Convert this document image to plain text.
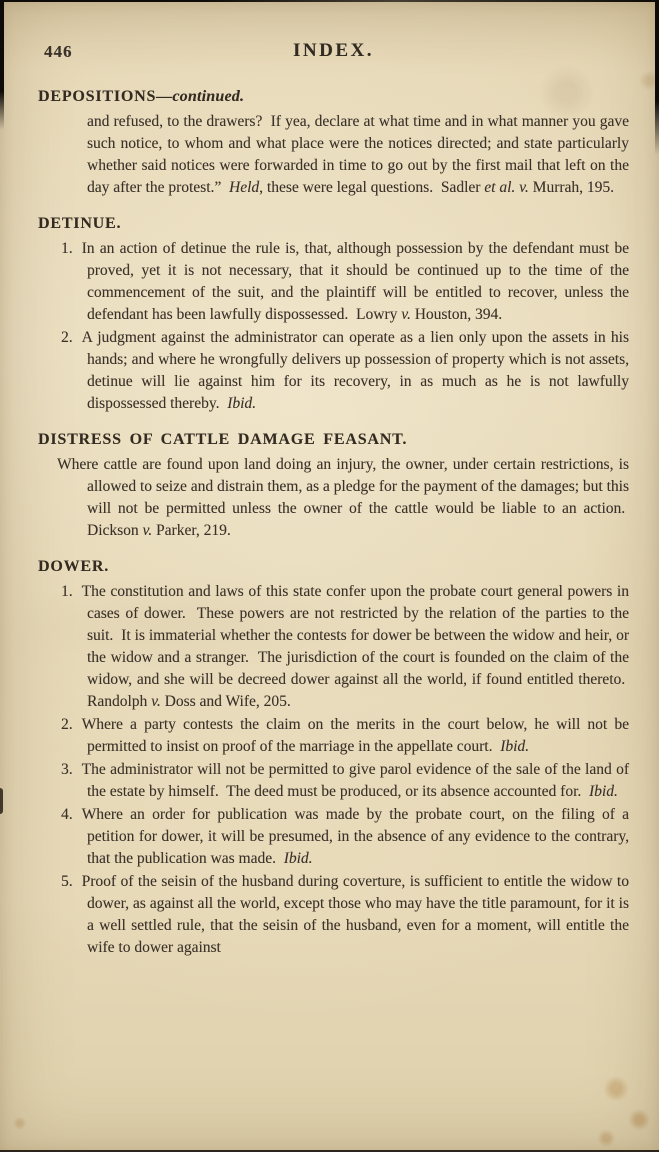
446	INDEX.
DEPOSITIONS—continued.
and refused, to the drawers?  If yea, declare at what time and in what manner you gave such notice, to whom and what place were the notices directed; and state particularly whether said notices were forwarded in time to go out by the first mail that left on the day after the protest.”  Held, these were legal questions.  Sadler et al. v. Murrah, 195.
DETINUE.
1. In an action of detinue the rule is, that, although possession by the defendant must be proved, yet it is not necessary, that it should be continued up to the time of the commencement of the suit, and the plaintiff will be entitled to recover, unless the defendant has been lawfully dispossessed.  Lowry v. Houston, 394.
2. A judgment against the administrator can operate as a lien only upon the assets in his hands; and where he wrongfully delivers up possession of property which is not assets, detinue will lie against him for its recovery, in as much as he is not lawfully dispossessed thereby.  Ibid.
DISTRESS OF CATTLE DAMAGE FEASANT.
Where cattle are found upon land doing an injury, the owner, under certain restrictions, is allowed to seize and distrain them, as a pledge for the payment of the damages; but this will not be permitted unless the owner of the cattle would be liable to an action.  Dickson v. Parker, 219.
DOWER.
1. The constitution and laws of this state confer upon the probate court general powers in cases of dower.  These powers are not restricted by the relation of the parties to the suit.  It is immaterial whether the contests for dower be between the widow and heir, or the widow and a stranger.  The jurisdiction of the court is founded on the claim of the widow, and she will be decreed dower against all the world, if found entitled thereto.  Randolph v. Doss and Wife, 205.
2. Where a party contests the claim on the merits in the court below, he will not be permitted to insist on proof of the marriage in the appellate court.  Ibid.
3. The administrator will not be permitted to give parol evidence of the sale of the land of the estate by himself.  The deed must be produced, or its absence accounted for.  Ibid.
4. Where an order for publication was made by the probate court, on the filing of a petition for dower, it will be presumed, in the absence of any evidence to the contrary, that the publication was made.  Ibid.
5. Proof of the seisin of the husband during coverture, is sufficient to entitle the widow to dower, as against all the world, except those who may have the title paramount, for it is a well settled rule, that the seisin of the husband, even for a moment, will entitle the wife to dower against
